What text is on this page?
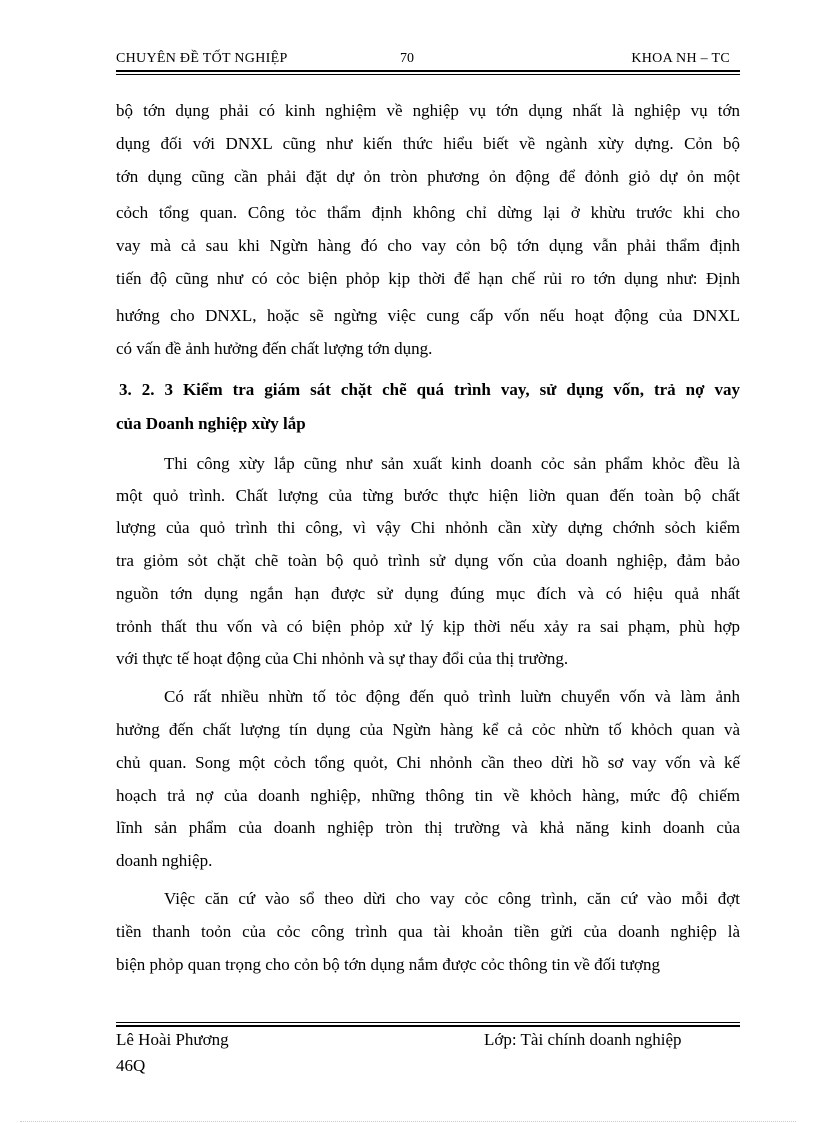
CHUYÊN ĐỀ TỐT NGHIỆP	70	KHOA NH – TC
bộ tớn dụng phải có kinh nghiệm về nghiệp vụ tớn dụng nhất là nghiệp vụ tớn
dụng đối với DNXL cũng như kiến thức hiểu biết về ngành xừy dựng. Cỏn bộ
tớn dụng cũng cần phải đặt dự ỏn tròn phương ỏn động để đỏnh giỏ dự ỏn một
cỏch tổng quan. Công tỏc thẩm định không chỉ dừng lại ở khừu trước khi cho
vay mà cả sau khi Ngừn hàng đó cho vay cỏn bộ tớn dụng vẫn phải thẩm định
tiến độ cũng như có cỏc biện phỏp kịp thời để hạn chế rủi ro tớn dụng như: Định
hướng cho DNXL, hoặc sẽ ngừng việc cung cấp vốn nếu hoạt động của DNXL
có vấn đề ảnh hưởng đến chất lượng tớn dụng.
3. 2. 3 Kiểm tra giám sát chặt chẽ quá trình vay, sử dụng vốn, trả nợ vay
của Doanh nghiệp xừy lắp
Thi công xừy lắp cũng như sản xuất kinh doanh cỏc sản phẩm khỏc đều là
một quỏ trình. Chất lượng của từng bước thực hiện liờn quan đến toàn bộ chất
lượng của quỏ trình thi công, vì vậy Chi nhỏnh cần xừy dựng chớnh sỏch kiểm
tra giỏm sỏt chặt chẽ toàn bộ quỏ trình sử dụng vốn của doanh nghiệp, đảm bảo
nguồn tớn dụng ngắn hạn được sử dụng đúng mục đích và có hiệu quả nhất
trỏnh thất thu vốn và có biện phỏp xử lý kịp thời nếu xảy ra sai phạm, phù hợp
với thực tế hoạt động của Chi nhỏnh và sự thay đổi của thị trường.
Có rất nhiều nhừn tố tỏc động đến quỏ trình luừn chuyển vốn và làm ảnh
hưởng đến chất lượng tín dụng của Ngừn hàng kể cả cỏc nhừn tố khỏch quan và
chủ quan. Song một cỏch tổng quỏt, Chi nhỏnh cần theo dừi hồ sơ vay vốn và kế
hoạch trả nợ của doanh nghiệp, những thông tin về khỏch hàng, mức độ chiếm
lĩnh sản phẩm của doanh nghiệp tròn thị trường và khả năng kinh doanh của
doanh nghiệp.
Việc căn cứ vào sổ theo dừi cho vay cỏc công trình, căn cứ vào mỗi đợt
tiền thanh toỏn của cỏc công trình qua tài khoản tiền gửi của doanh nghiệp là
biện phỏp quan trọng cho cỏn bộ tớn dụng nắm được cỏc thông tin về đối tượng
Lê Hoài Phương
46Q
Lớp: Tài chính doanh nghiệp
